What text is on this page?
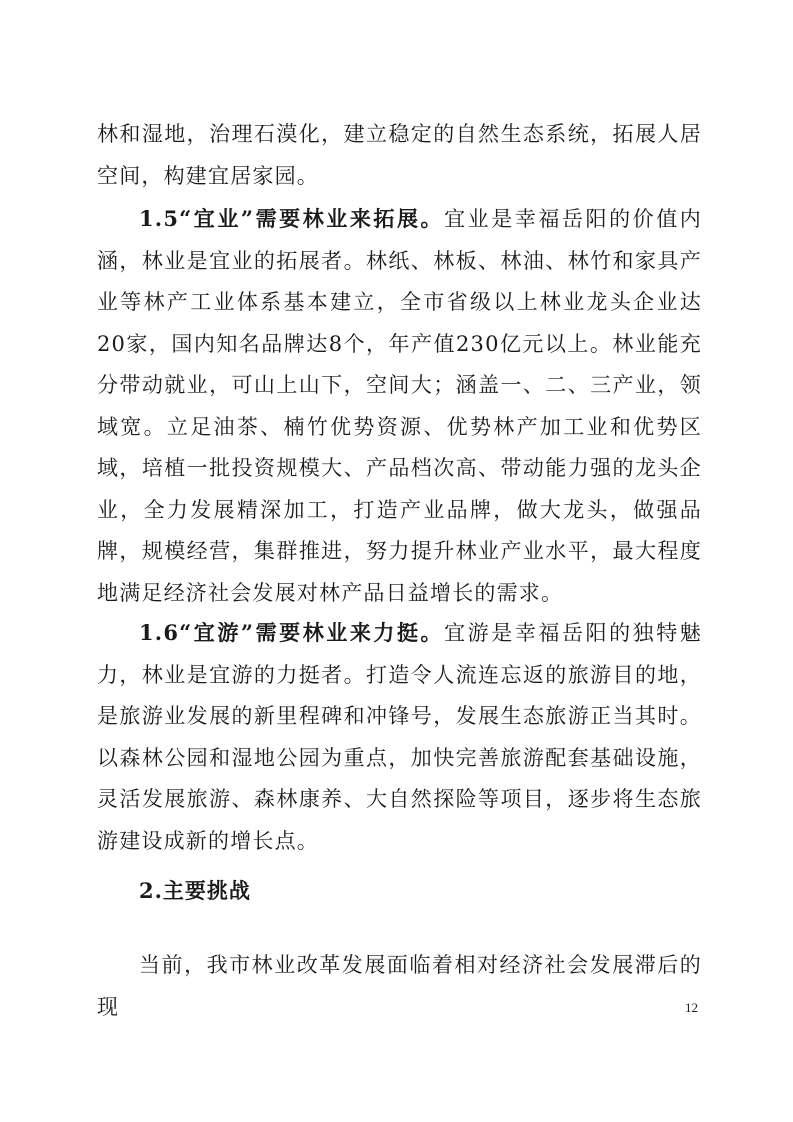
林和湿地，治理石漠化，建立稳定的自然生态系统，拓展人居空间，构建宜居家园。
1.5“宜业”需要林业来拓展。宜业是幸福岳阳的价值内涵，林业是宜业的拓展者。林纸、林板、林油、林竹和家具产业等林产工业体系基本建立，全市省级以上林业龙头企业达20家，国内知名品牌达8个，年产值230亿元以上。林业能充分带动就业，可山上山下，空间大；涵盖一、二、三产业，领域宽。立足油茶、楠竹优势资源、优势林产加工业和优势区域，培植一批投资规模大、产品档次高、带动能力强的龙头企业，全力发展精深加工，打造产业品牌，做大龙头，做强品牌，规模经营，集群推进，努力提升林业产业水平，最大程度地满足经济社会发展对林产品日益增长的需求。
1.6“宜游”需要林业来力挺。宜游是幸福岳阳的独特魅力，林业是宜游的力挺者。打造令人流连忘返的旅游目的地，是旅游业发展的新里程碑和冲锋号，发展生态旅游正当其时。以森林公园和湿地公园为重点，加快完善旅游配套基础设施，灵活发展旅游、森林康养、大自然探险等项目，逐步将生态旅游建设成新的增长点。
2.主要挑战
当前，我市林业改革发展面临着相对经济社会发展滞后的现	12
